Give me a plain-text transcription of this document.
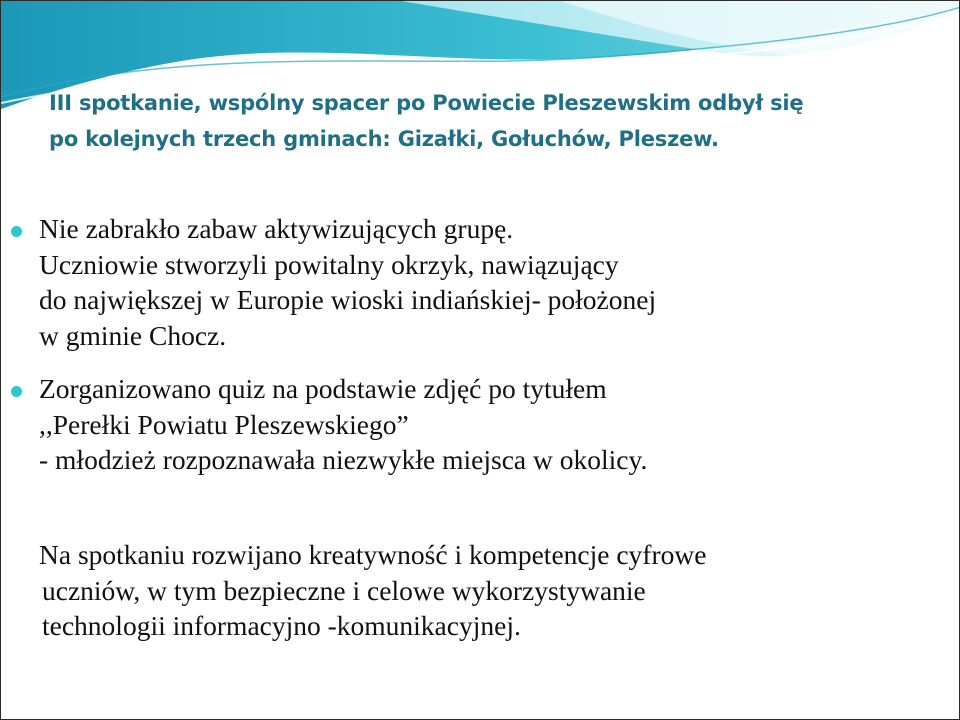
III spotkanie, wspólny spacer po Powiecie Pleszewskim odbył się
po kolejnych trzech gminach: Gizałki, Gołuchów, Pleszew.
Nie zabrakło zabaw aktywizujących grupę.
Uczniowie stworzyli powitalny okrzyk, nawiązujący
do największej w Europie wioski indiańskiej- położonej
w gminie Chocz.
Zorganizowano quiz na podstawie zdjęć po tytułem
,,Perełki Powiatu Pleszewskiego”
- młodzież rozpoznawała niezwykłe miejsca w okolicy.
Na spotkaniu rozwijano kreatywność i kompetencje cyfrowe
uczniów, w tym bezpieczne i celowe wykorzystywanie
technologii informacyjno -komunikacyjnej.
